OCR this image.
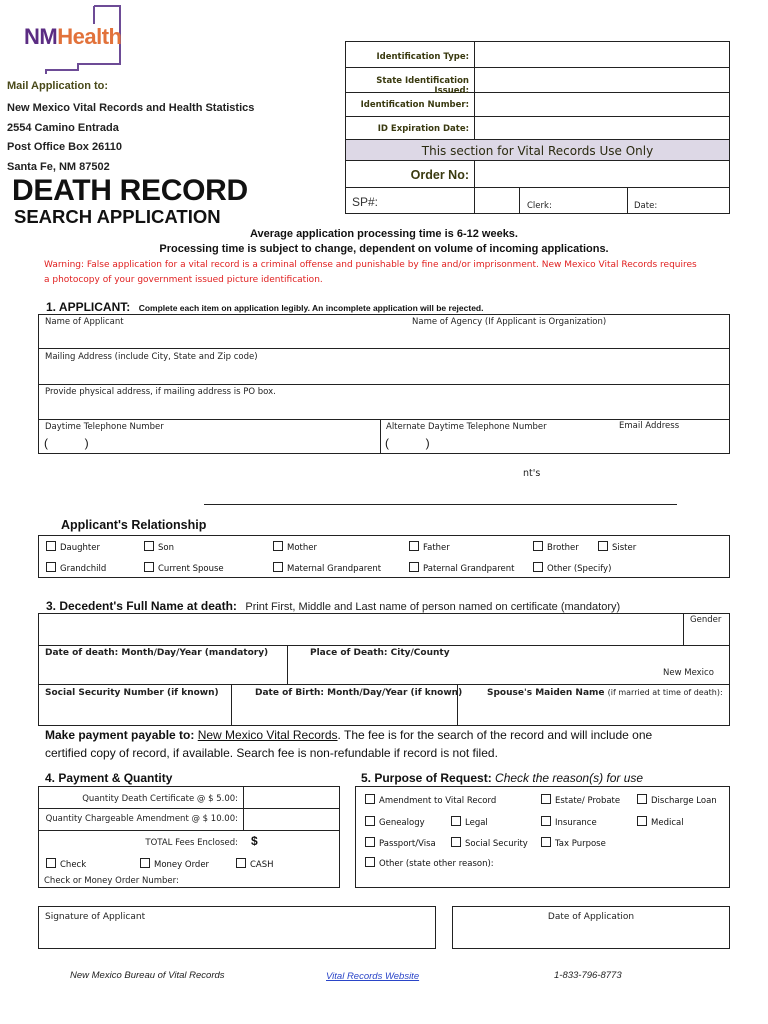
NMHealth
Mail Application to:
New Mexico Vital Records and Health Statistics
2554 Camino Entrada
Post Office Box 26110
Santa Fe, NM 87502
Identification Type:
State Identification Issued:
Identification Number:
ID Expiration Date:
This section for Vital Records Use Only
Order No:
SP#:	Clerk:	Date:
DEATH RECORD
SEARCH APPLICATION
Average application processing time is 6-12 weeks.
Processing time is subject to change, dependent on volume of incoming applications.
Warning: False application for a vital record is a criminal offense and punishable by fine and/or imprisonment. New Mexico Vital Records requires
a photocopy of your government issued picture identification.
1. APPLICANT: Complete each item on application legibly. An incomplete application will be rejected.
Name of Applicant	Name of Agency (If Applicant is Organization)
Mailing Address (include City, State and Zip code)
Provide physical address, if mailing address is PO box.
Daytime Telephone Number
(           )
Alternate Daytime Telephone Number
(           )
Email Address
nt's
Applicant's Relationship
Daughter	Son	Mother	Father	Brother	Sister
Grandchild	Current Spouse	Maternal Grandparent	Paternal Grandparent	Other (Specify)
3. Decedent's Full Name at death: Print First, Middle and Last name of person named on certificate (mandatory)
Gender
Date of death: Month/Day/Year (mandatory)	Place of Death: City/County
New Mexico
Social Security Number (if known)	Date of Birth: Month/Day/Year (if known)	Spouse's Maiden Name (if married at time of death):
Make payment payable to: New Mexico Vital Records. The fee is for the search of the record and will include one
certified copy of record, if available. Search fee is non-refundable if record is not filed.
4. Payment & Quantity
Quantity Death Certificate @ $ 5.00:
Quantity Chargeable Amendment @ $ 10.00:
TOTAL Fees Enclosed: $
Check	Money Order	CASH
Check or Money Order Number:
5. Purpose of Request: Check the reason(s) for use
Amendment to Vital Record	Estate/ Probate	Discharge Loan
Genealogy	Legal	Insurance	Medical
Passport/Visa	Social Security	Tax Purpose
Other (state other reason):
Signature of Applicant	Date of Application
New Mexico Bureau of Vital Records	Vital Records Website	1-833-796-8773
